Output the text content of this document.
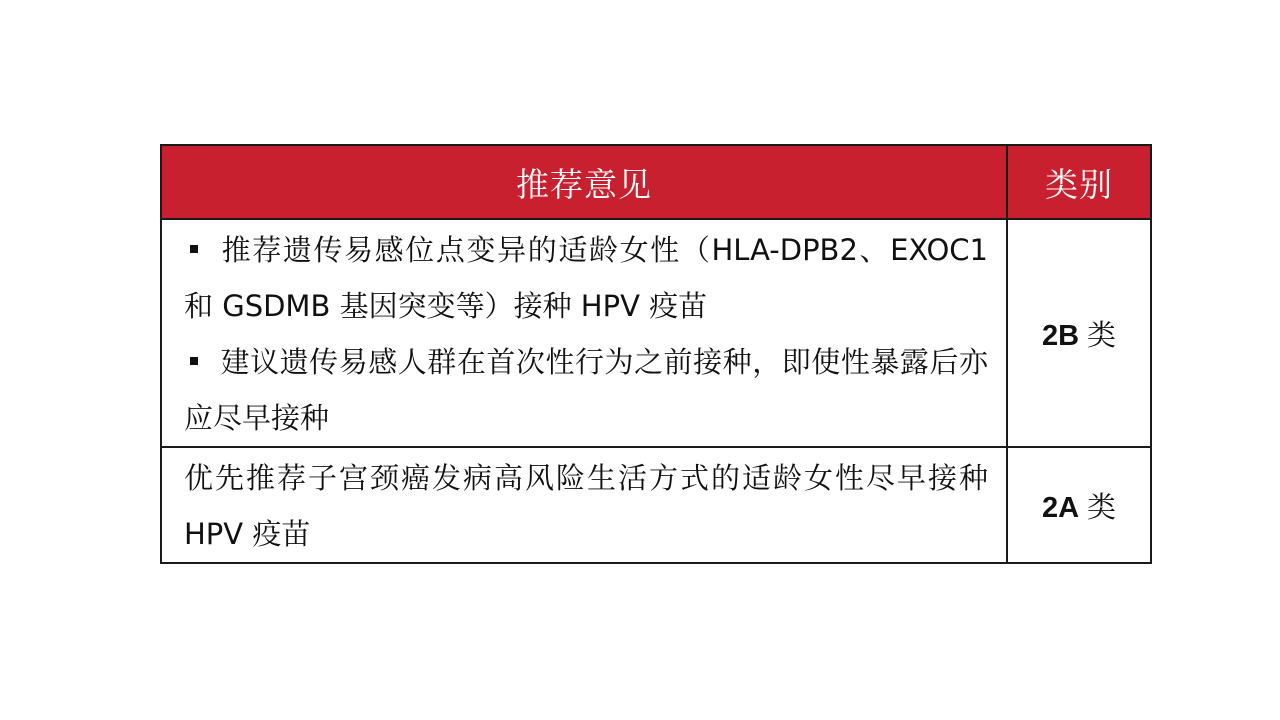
推荐意见	类别

推荐遗传易感位点变异的适龄女性（HLA-DPB2、EXOC1 和 GSDMB 基因突变等）接种 HPV 疫苗
建议遗传易感人群在首次性行为之前接种，即使性暴露后亦应尽早接种	2B 类

优先推荐子宫颈癌发病高风险生活方式的适龄女性尽早接种 HPV 疫苗	2A 类
